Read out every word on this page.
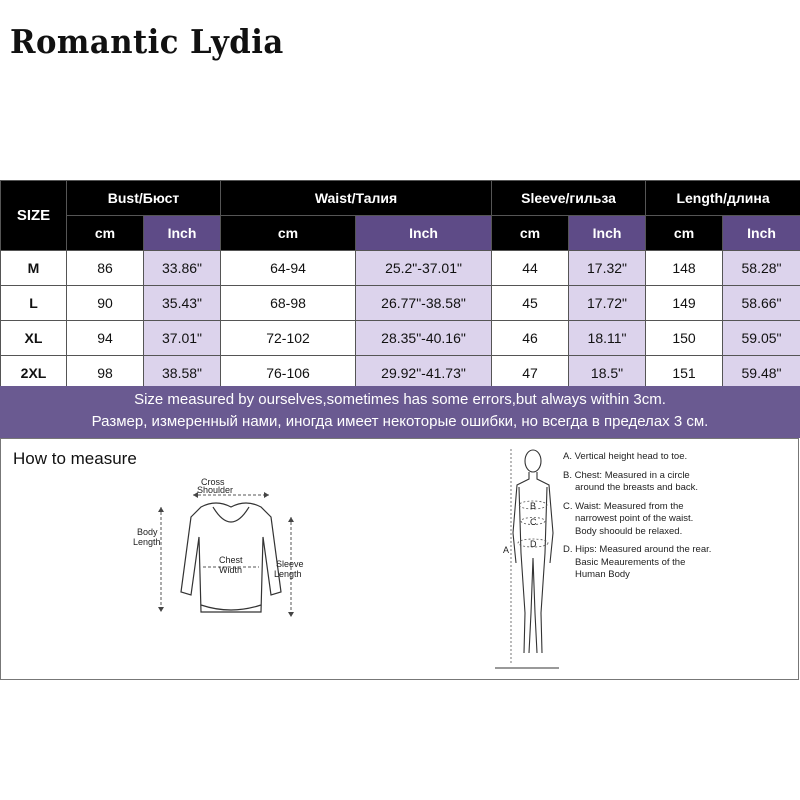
Romantic Lydia
SIZE	Bust/Бюст		Waist/Талия		Sleeve/гильза		Length/длина	
	cm	Inch	cm	Inch	cm	Inch	cm	Inch
M	86	33.86"	64-94	25.2"-37.01"	44	17.32"	148	58.28"
L	90	35.43"	68-98	26.77"-38.58"	45	17.72"	149	58.66"
XL	94	37.01"	72-102	28.35"-40.16"	46	18.11"	150	59.05"
2XL	98	38.58"	76-106	29.92"-41.73"	47	18.5"	151	59.48"
Size measured by ourselves,sometimes has some errors,but always within 3cm.
Размер, измеренный нами, иногда имеет некоторые ошибки, но всегда в пределах 3 см.
How to measure
Cross
Shoulder
Body
Length
Chest
Width
Sleeve
Length
A
B
C
D

A. Vertical height head to toe.

B. Chest: Measured in a circle around the breasts and back.

C. Waist: Measured from the narrowest point of the waist. Body shoould be relaxed.

D. Hips: Measured around the rear. Basic Meaurements of the Human Body
